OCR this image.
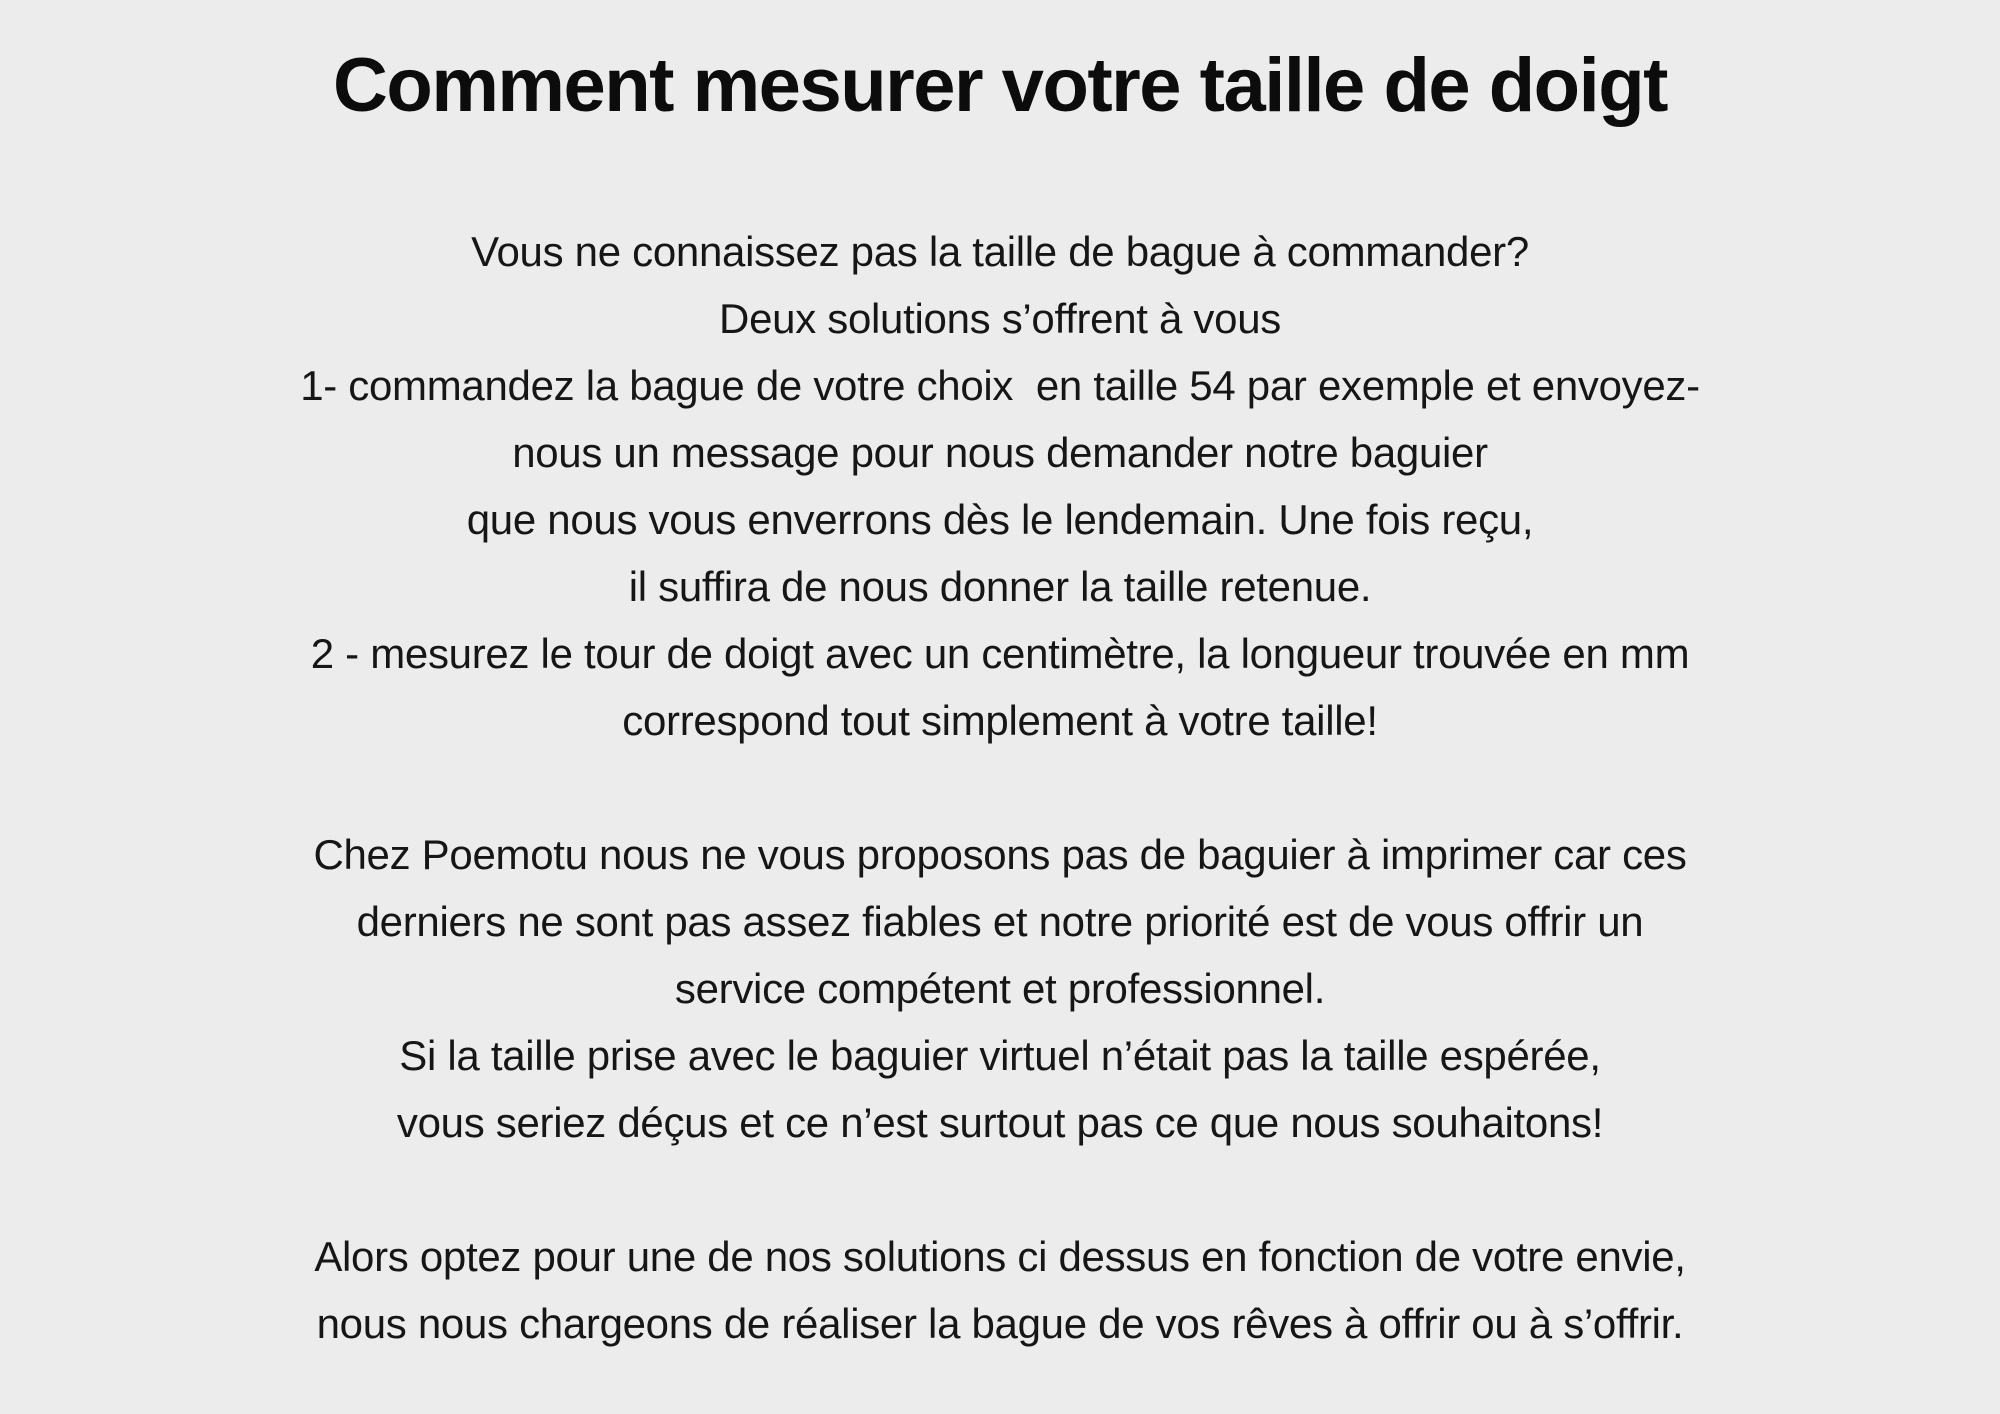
Comment mesurer votre taille de doigt

Vous ne connaissez pas la taille de bague à commander?
Deux solutions s’offrent à vous
1- commandez la bague de votre choix  en taille 54 par exemple et envoyez-
nous un message pour nous demander notre baguier
que nous vous enverrons dès le lendemain. Une fois reçu,
il suffira de nous donner la taille retenue.
2 - mesurez le tour de doigt avec un centimètre, la longueur trouvée en mm
correspond tout simplement à votre taille!

Chez Poemotu nous ne vous proposons pas de baguier à imprimer car ces
derniers ne sont pas assez fiables et notre priorité est de vous offrir un
service compétent et professionnel.
Si la taille prise avec le baguier virtuel n’était pas la taille espérée,
vous seriez déçus et ce n’est surtout pas ce que nous souhaitons!

Alors optez pour une de nos solutions ci dessus en fonction de votre envie,
nous nous chargeons de réaliser la bague de vos rêves à offrir ou à s’offrir.
